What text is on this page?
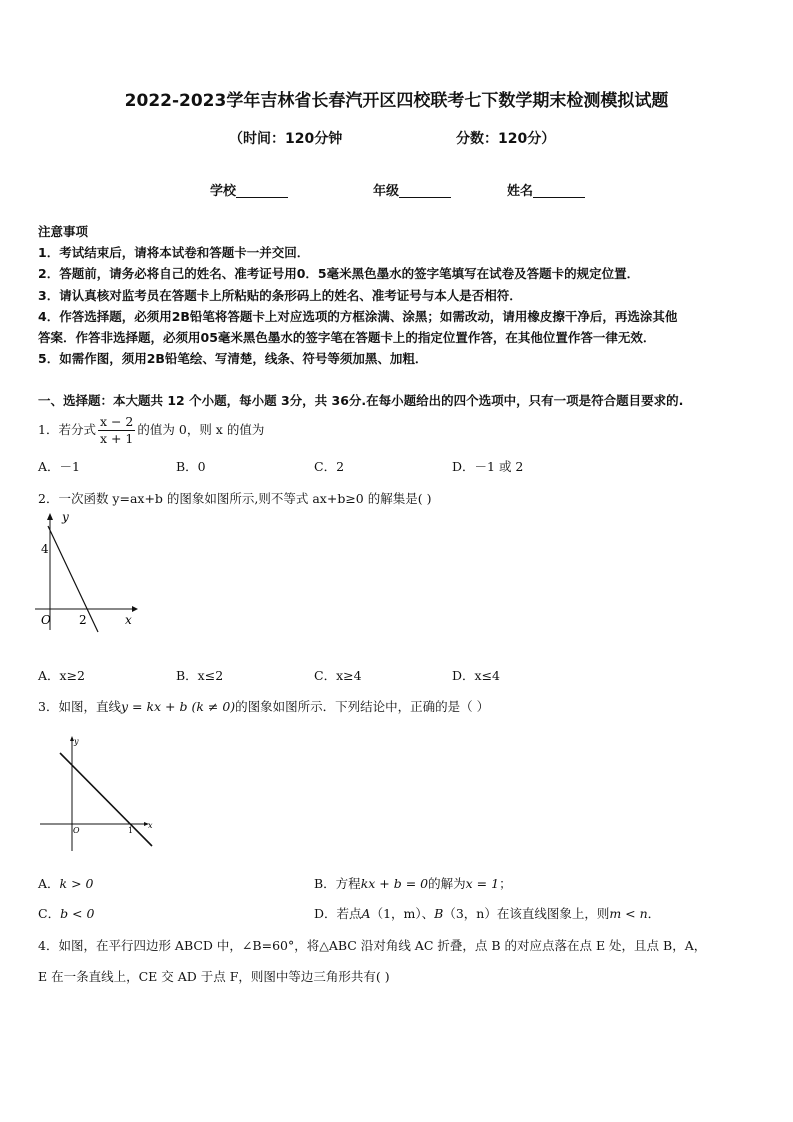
2022-2023学年吉林省长春汽开区四校联考七下数学期末检测模拟试题
（时间：120分钟	分数：120分）
学校	年级	姓名
注意事项
1．考试结束后，请将本试卷和答题卡一并交回．
2．答题前，请务必将自己的姓名、准考证号用0．5毫米黑色墨水的签字笔填写在试卷及答题卡的规定位置．
3．请认真核对监考员在答题卡上所粘贴的条形码上的姓名、准考证号与本人是否相符．
4．作答选择题，必须用2B铅笔将答题卡上对应选项的方框涂满、涂黑；如需改动，请用橡皮擦干净后，再选涂其他
答案．作答非选择题，必须用05毫米黑色墨水的签字笔在答题卡上的指定位置作答，在其他位置作答一律无效．
5．如需作图，须用2B铅笔绘、写清楚，线条、符号等须加黑、加粗．
一、选择题：本大题共 12 个小题，每小题 3分，共 36分.在每小题给出的四个选项中，只有一项是符合题目要求的.
1．若分式 $\frac{x - 2}{x + 1}$ 的值为 0，则 x 的值为
A．－1	B．0	C．2	D．－1 或 2
2．一次函数 y=ax+b 的图象如图所示,则不等式 ax+b≥0 的解集是( )
y
x
O
4
2
A．x≥2	B．x≤2	C．x≥4	D．x≤4
3．如图，直线y = kx + b (k ≠ 0)的图象如图所示．下列结论中，正确的是（ ）
y
x
O	1
A．k > 0	B．方程kx + b = 0的解为x = 1；
C．b < 0	D．若点A（1，m）、B（3，n）在该直线图象上，则m < n．
4．如图，在平行四边形 ABCD 中，∠B=60°，将△ABC 沿对角线 AC 折叠，点 B 的对应点落在点 E 处，且点 B，A，
E 在一条直线上，CE 交 AD 于点 F，则图中等边三角形共有( )
